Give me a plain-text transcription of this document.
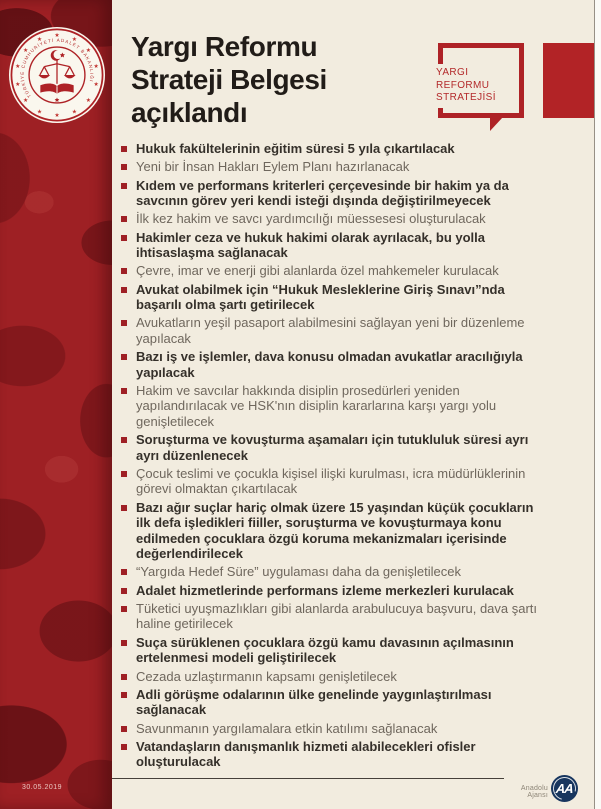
★
★
★
★
★
★
★
★
★
★
★
★
★
★
TÜRKİYE CUMHURİYETİ ADALET BAKANLIĞI
Yargı Reformu
Strateji Belgesi
açıklandı
YARGI
REFORMU
STRATEJİSİ
Hukuk fakültelerinin eğitim süresi 5 yıla çıkartılacak
Yeni bir İnsan Hakları Eylem Planı hazırlanacak
Kıdem ve performans kriterleri çerçevesinde bir hakim ya da savcının görev yeri kendi isteği dışında değiştirilmeyecek
İlk kez hakim ve savcı yardımcılığı müessesesi oluşturulacak
Hakimler ceza ve hukuk hakimi olarak ayrılacak, bu yolla ihtisaslaşma sağlanacak
Çevre, imar ve enerji gibi alanlarda özel mahkemeler kurulacak
Avukat olabilmek için “Hukuk Mesleklerine Giriş Sınavı”nda başarılı olma şartı getirilecek
Avukatların yeşil pasaport alabilmesini sağlayan yeni bir düzenleme yapılacak
Bazı iş ve işlemler, dava konusu olmadan avukatlar aracılığıyla yapılacak
Hakim ve savcılar hakkında disiplin prosedürleri yeniden yapılandırılacak ve HSK'nın disiplin kararlarına karşı yargı yolu genişletilecek
Soruşturma ve kovuşturma aşamaları için tutukluluk süresi ayrı ayrı düzenlenecek
Çocuk teslimi ve çocukla kişisel ilişki kurulması, icra müdürlüklerinin görevi olmaktan çıkartılacak
Bazı ağır suçlar hariç olmak üzere 15 yaşından küçük çocukların ilk defa işledikleri fiiller, soruşturma ve kovuşturmaya konu edilmeden çocuklara özgü koruma mekanizmaları içerisinde değerlendirilecek
“Yargıda Hedef Süre” uygulaması daha da genişletilecek
Adalet hizmetlerinde performans izleme merkezleri kurulacak
Tüketici uyuşmazlıkları gibi alanlarda arabulucuya başvuru, dava şartı haline getirilecek
Suça sürüklenen çocuklara özgü kamu davasının açılmasının ertelenmesi modeli geliştirilecek
Cezada uzlaştırmanın kapsamı genişletilecek
Adli görüşme odalarının ülke genelinde yaygınlaştırılması sağlanacak
Savunmanın yargılamalara etkin katılımı sağlanacak
Vatandaşların danışmanlık hizmeti alabilecekleri ofisler oluşturulacak
Anadolu Ajansı AA
30.05.2019
